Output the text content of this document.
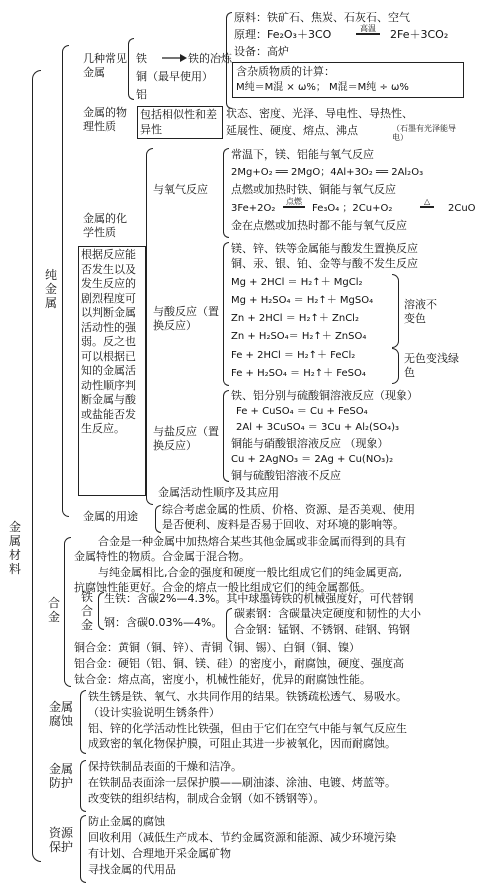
金属材料
纯金属
合金
几种常见金属
铁
铜（最早使用）
铝
铁的冶炼
原料：铁矿石、焦炭、石灰石、空气
原理：Fe₂O₃＋3CO	高温	2Fe＋3CO₂
设备：高炉
含杂质物质的计算：
M纯＝M混 × ω%； M混＝M纯 ÷ ω%
金属的物理性质
包括相似性和差异性
状态、密度、光泽、导电性、导热性、
延展性、硬度、熔点、沸点	（石墨有光泽能导电）
金属的化学性质
根据反应能否发生以及发生反应的剧烈程度可以判断金属活动性的强弱。反之也可以根据已知的金属活动性顺序判断金属与酸或盐能否发生反应。
与氧气反应
常温下，镁、铝能与氧气反应
2Mg+O₂ ══ 2MgO；4Al+3O₂ ══ 2Al₂O₃
点燃或加热时铁、铜能与氧气反应
3Fe+2O₂
点燃
Fe₃O₄ ；2Cu+O₂
△
2CuO
金在点燃或加热时都不能与氧气反应
与酸反应（置换反应）
镁、锌、铁等金属能与酸发生置换反应
铜、汞、银、铂、金等与酸不发生反应
Mg + 2HCl ＝ H₂↑＋ MgCl₂
Mg + H₂SO₄ ＝ H₂↑＋ MgSO₄
Zn + 2HCl ＝ H₂↑＋ ZnCl₂
Zn + H₂SO₄＝ H₂↑＋ ZnSO₄
Fe + 2HCl ＝ H₂↑＋ FeCl₂
Fe + H₂SO₄ ＝ H₂↑＋ FeSO₄
溶液不变色
无色变浅绿色
与盐反应（置换反应）
铁、铝分别与硫酸铜溶液反应（现象）
Fe + CuSO₄ ＝ Cu + FeSO₄
2Al + 3CuSO₄ ＝ 3Cu + Al₂(SO₄)₃
铜能与硝酸银溶液反应 （现象）
Cu + 2AgNO₃ ＝ 2Ag + Cu(NO₃)₂
铜与硫酸铝溶液不反应
金属活动性顺序及其应用
金属的用途
综合考虑金属的性质、价格、资源、是否美观、使用
是否便利、废料是否易于回收、对环境的影响等。
合金是一种金属中加热熔合某些其他金属或非金属而得到的具有
金属特性的物质。合金属于混合物。
与纯金属相比,合金的强度和硬度一般比组成它们的纯金属更高,
抗腐蚀性能更好。合金的熔点一般比组成它们的纯金属都低。
铁合金
生铁：含碳2%—4.3%。其中球墨铸铁的机械强度好，可代替钢
钢：含碳0.03%—4%。
碳素钢：含碳量决定硬度和韧性的大小
合金钢：锰钢、不锈钢、硅钢、钨钢
铜合金：黄铜（铜、锌）、青铜（铜、锡）、白铜（铜、镍）
铝合金：硬铝（铝、铜、镁、硅）的密度小，耐腐蚀，硬度、强度高
钛合金：熔点高，密度小，机械性能好，优异的耐腐蚀性能。
金属腐蚀
铁生锈是铁、氧气、水共同作用的结果。铁锈疏松透气、易吸水。
（设计实验说明生锈条件）
铝、锌的化学活动性比铁强，但由于它们在空气中能与氧气反应生
成致密的氧化物保护膜，可阻止其进一步被氧化，因而耐腐蚀。
金属防护
保持铁制品表面的干燥和洁净。
在铁制品表面涂一层保护膜——刷油漆、涂油、电镀、烤蓝等。
改变铁的组织结构，制成合金钢（如不锈钢等）。
资源保护
防止金属的腐蚀
回收利用（减低生产成本、节约金属资源和能源、减少环境污染
有计划、合理地开采金属矿物
寻找金属的代用品
